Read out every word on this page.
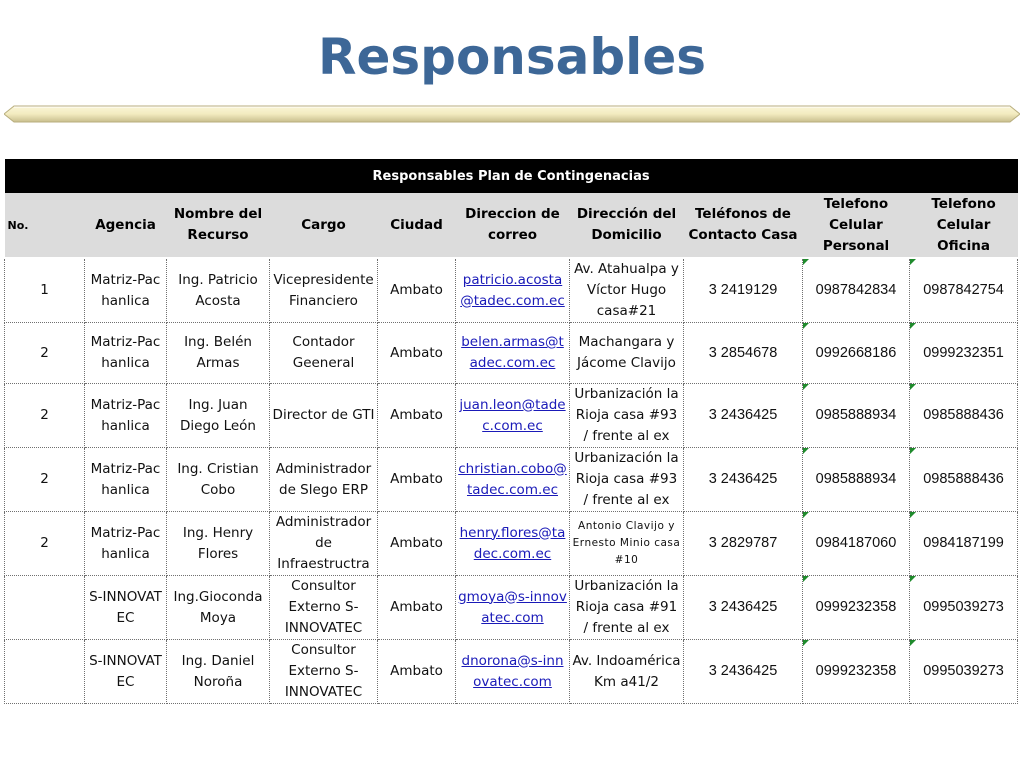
Responsables
Responsables Plan de Contingenacias									
No.	Agencia	Nombre del Recurso	Cargo	Ciudad	Direccion de correo	Dirección del Domicilio	Teléfonos de Contacto Casa	Telefono Celular Personal	Telefono Celular Oficina
1	Matriz-Pachanlica	Ing. Patricio Acosta	Vicepresidente Financiero	Ambato	patricio.acosta@tadec.com.ec	Av. Atahualpa y Víctor Hugo casa#21	3 2419129	0987842834	0987842754
2	Matriz-Pachanlica	Ing. Belén Armas	Contador Geeneral	Ambato	belen.armas@tadec.com.ec	Machangara y Jácome Clavijo	3 2854678	0992668186	0999232351
2	Matriz-Pachanlica	Ing. Juan Diego León	Director de GTI	Ambato	juan.leon@tadec.com.ec	Urbanización la Rioja casa #93 / frente al ex	3 2436425	0985888934	0985888436
2	Matriz-Pachanlica	Ing. Cristian Cobo	Administrador de Slego ERP	Ambato	christian.cobo@tadec.com.ec	Urbanización la Rioja casa #93 / frente al ex	3 2436425	0985888934	0985888436
2	Matriz-Pachanlica	Ing. Henry Flores	Administrador de Infraestructra	Ambato	henry.flores@tadec.com.ec	Antonio Clavijo y Ernesto Minio casa #10	3 2829787	0984187060	0984187199
	S-INNOVATEC	Ing.Gioconda Moya	Consultor Externo S-INNOVATEC	Ambato	gmoya@s-innovatec.com	Urbanización la Rioja casa #91 / frente al ex	3 2436425	0999232358	0995039273
	S-INNOVATEC	Ing. Daniel Noroña	Consultor Externo S-INNOVATEC	Ambato	dnorona@s-innovatec.com	Av. Indoamérica Km a41/2	3 2436425	0999232358	0995039273
